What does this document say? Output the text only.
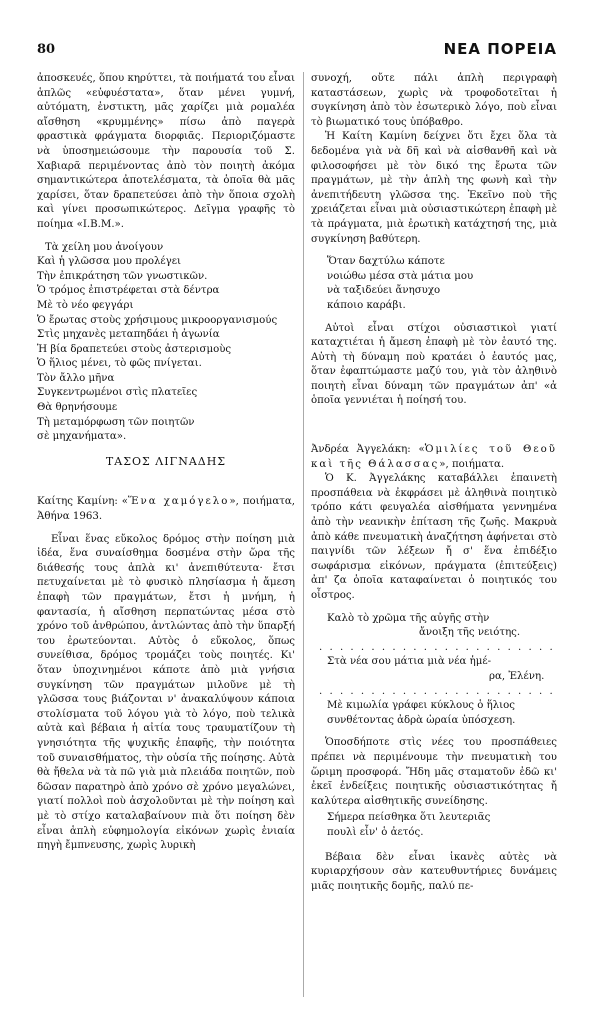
80	ΝΕΑ ΠΟΡΕΙΑ

ἀποσκευές, ὅπου κηρύττει, τὰ ποιήματά του εἶναι ἁπλῶς «εὐφυέστατα», ὅταν μένει γυμνή, αὐτόματη, ἐνστικτη, μᾶς χαρίζει μιὰ ρομαλέα αἴσθηση «κρυμμένης» πίσω ἀπὸ παγερὰ φραστικὰ φράγματα διορφιᾶς. Περιοριζόμαστε νὰ ὑποσημειώσουμε τὴν παρουσία τοῦ Σ. Χαβιαρᾶ περιμένοντας ἀπὸ τὸν ποιητὴ ἀκόμα σημαντικώτερα ἀποτελέσματα, τὰ ὁποῖα θὰ μᾶς χαρίσει, ὅταν δραπετεύσει ἀπὸ τὴν ὅποια σχολὴ καὶ γίνει προσωπικώτερος. Δεῖγμα γραφῆς τὸ ποίημα «I.B.M.».

Τὰ χείλη μου ἀνοίγουν
Καὶ ἡ γλῶσσα μου προλέγει
Τὴν ἐπικράτηση τῶν γνωστικῶν.
Ὁ τρόμος ἐπιστρέφεται στὰ δέντρα
Μὲ τὸ νέο φεγγάρι
Ὁ ἔρωτας στοὺς χρήσιμους μικροοργανισμούς
Στὶς μηχανὲς μεταπηδάει ἡ ἀγωνία
Ἡ βία δραπετεύει στοὺς ἀστερισμοὺς
Ὁ ἥλιος μένει, τὸ φῶς πνίγεται.
Τὸν ἄλλο μῆνα
Συγκεντρωμένοι στὶς πλατεῖες
Θὰ θρηνήσουμε
Τὴ μεταμόρφωση τῶν ποιητῶν
σὲ μηχανήματα».
ΤΑΣΟΣ ΛΙΓΝΑΔΗΣ

Καίτης Καμίνη: «Ἕνα χαμόγελο», ποιήματα, Ἀθήνα 1963.

Εἶναι ἕνας εὔκολος δρόμος στὴν ποίηση μιὰ ἰδέα, ἕνα συναίσθημα δοσμένα στὴν ὥρα τῆς διάθεσής τους ἁπλὰ κι' ἀνεπιθύτευτα· ἔτσι πετυχαίνεται μὲ τὸ φυσικὸ πλησίασμα ἡ ἄμεση ἐπαφὴ τῶν πραγμάτων, ἔτσι ἡ μνήμη, ἡ φαντασία, ἡ αἴσθηση περπατώντας μέσα στὸ χρόνο τοῦ ἀνθρώπου, ἀντλώντας ἀπὸ τὴν ὕπαρξή του ἐρωτεύονται. Αὐτὸς ὁ εὔκολος, ὅπως συνείθισα, δρόμος τρομάζει τοὺς ποιητές. Κι' ὅταν ὑποχινημένοι κάποτε ἀπὸ μιὰ γνήσια συγκίνηση τῶν πραγμάτων μιλοῦνε μὲ τὴ γλῶσσα τους βιάζονται ν' ἀνακαλύψουν κάποια στολίσματα τοῦ λόγου γιὰ τὸ λόγο, ποὺ τελικὰ αὐτὰ καὶ βέβαια ἡ αἰτία τους τραυματίζουν τὴ γνησιότητα τῆς ψυχικῆς ἐπαφῆς, τὴν ποιότητα τοῦ συναισθήματος, τὴν οὐσία τῆς ποίησης. Αὐτὰ θὰ ἤθελα νὰ τὰ πῶ γιὰ μιὰ πλειάδα ποιητῶν, ποὺ δῶσαν παρατηρὸ ἀπὸ χρόνο σὲ χρόνο μεγαλώνει, γιατί πολλοὶ ποὺ ἀσχολοῦνται μὲ τὴν ποίηση καὶ μὲ τὸ στίχο καταλαβαίνουν πιὰ ὅτι ποίηση δὲν εἶναι ἁπλὴ εὐφημολογία εἰκόνων χωρὶς ἑνιαία πηγὴ ἔμπνευσης, χωρὶς λυρικὴ

συνοχή, οὔτε πάλι ἁπλὴ περιγραφὴ καταστάσεων, χωρὶς νὰ τροφοδοτεῖται ἡ συγκίνηση ἀπὸ τὸν ἐσωτερικὸ λόγο, ποὺ εἶναι τὸ βιωματικό τους ὑπόβαθρο.

Ἡ Καίτη Καμίνη δείχνει ὅτι ἔχει ὅλα τὰ δεδομένα γιὰ νὰ δῆ καὶ νὰ αἰσθανθῆ καὶ νὰ φιλοσοφήσει μὲ τὸν δικό της ἔρωτα τῶν πραγμάτων, μὲ τὴν ἁπλὴ της φωνὴ καὶ τὴν ἀνεπιτήδευτη γλῶσσα της. Ἐκεῖνο ποὺ τῆς χρειάζεται εἶναι μιὰ οὐσιαστικώτερη ἐπαφὴ μὲ τὰ πράγματα, μιὰ ἐρωτικὴ κατάχτησή της, μιὰ συγκίνηση βαθύτερη.

Ὅταν δαχτύλω κάποτε
νοιώθω μέσα στὰ μάτια μου
νὰ ταξιδεύει ἄνησυχο
κάποιο καράβι.

Αὐτοὶ εἶναι στίχοι οὐσιαστικοὶ γιατί καταχτιέται ἡ ἄμεση ἐπαφὴ μὲ τὸν ἑαυτό της. Αὐτὴ τὴ δύναμη ποὺ κρατάει ὁ ἑαυτός μας, ὅταν ἐφαπτώμαστε μαζύ του, γιὰ τὸν ἀληθινὸ ποιητὴ εἶναι δύναμη τῶν πραγμάτων ἀπ' «ἀ ὁποῖα γεννιέται ἡ ποίησή του.

Ἀνδρέα Ἀγγελάκη: «Ὁμιλίες τοῦ Θεοῦ καὶ τῆς Θάλασσας», ποιήματα.

Ὁ Κ. Ἀγγελάκης καταβάλλει ἐπαινετὴ προσπάθεια νὰ ἐκφράσει μὲ ἀληθινὰ ποιητικὸ τρόπο κάτι φευγαλέα αἰσθήματα γεννημένα ἀπὸ τὴν νεανικὴν ἐπίταση τῆς ζωῆς. Μακρυὰ ἀπὸ κάθε πνευματικὴ ἀναζήτηση ἀφήνεται στὸ παιγνίδι τῶν λέξεων ἤ σ' ἕνα ἐπιδέξιο σωφάρισμα εἰκόνων, πράγματα (ἐπιτεύξεις) ἀπ' ζα ὁποῖα καταφαίνεται ὁ ποιητικός του οἶστρος.

Καλὸ τὸ χρῶμα τῆς αὐγῆς στὴν
ἄνοιξη τῆς νειότης.
. . . . . . . . . . . . . . . . . . . . . . .
Στὰ νέα σου μάτια μιὰ νέα ἡμέ-
ρα, Ἐλένη.
. . . . . . . . . . . . . . . . . . . . . . .
Μὲ κιμωλία γράφει κύκλους ὁ ἥλιος
συνθέτοντας ἀδρὰ ὡραία ὑπόσχεση.

Ὁποσδήποτε στὶς νέες του προσπάθειες πρέπει νὰ περιμένουμε τὴν πνευματικὴ του ὥριμη προσφορά. Ἤδη μᾶς σταματοῦν ἐδῶ κι' ἐκεῖ ἐνδείξεις ποιητικῆς οὐσιαστικότητας ἤ καλύτερα αἰσθητικῆς συνείδησης.

Σήμερα πείσθηκα ὅτι λευτεριᾶς πουλὶ εἶν' ὁ ἀετός.

Βέβαια δὲν εἶναι ἱκανὲς αὐτὲς νὰ κυριαρχήσουν σὰν κατευθυντήριες δυνάμεις μιᾶς ποιητικῆς δομῆς, παλύ πε-
